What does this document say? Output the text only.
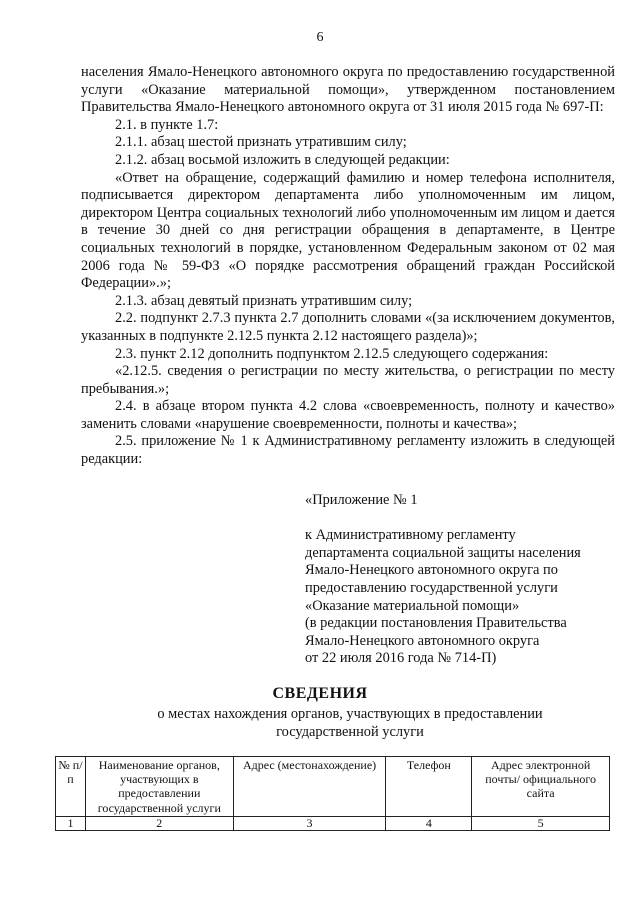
6

населения Ямало-Ненецкого автономного округа по предоставлению государственной услуги «Оказание материальной помощи», утвержденном постановлением Правительства Ямало-Ненецкого автономного округа от 31 июля 2015 года № 697-П:

2.1. в пункте 1.7:

2.1.1. абзац шестой признать утратившим силу;

2.1.2. абзац восьмой изложить в следующей редакции:

«Ответ на обращение, содержащий фамилию и номер телефона исполнителя, подписывается директором департамента либо уполномоченным им лицом, директором Центра социальных технологий либо уполномоченным им лицом и дается в течение 30 дней со дня регистрации обращения в департаменте, в Центре социальных технологий в порядке, установленном Федеральным законом от 02 мая 2006 года № 59-ФЗ «О порядке рассмотрения обращений граждан Российской Федерации».»;

2.1.3. абзац девятый признать утратившим силу;

2.2. подпункт 2.7.3 пункта 2.7 дополнить словами «(за исключением документов, указанных в подпункте 2.12.5 пункта 2.12 настоящего раздела)»;

2.3. пункт 2.12 дополнить подпунктом 2.12.5 следующего содержания:

«2.12.5. сведения о регистрации по месту жительства, о регистрации по месту пребывания.»;

2.4. в абзаце втором пункта 4.2 слова «своевременность, полноту и качество» заменить словами «нарушение своевременности, полноты и качества»;

2.5. приложение № 1 к Административному регламенту изложить в следующей редакции:

«Приложение № 1
к Административному регламенту
департамента социальной защиты населения
Ямало-Ненецкого автономного округа по
предоставлению государственной услуги
«Оказание материальной помощи»
(в редакции постановления Правительства
Ямало-Ненецкого автономного округа
от 22 июля 2016 года № 714-П)
СВЕДЕНИЯ
о местах нахождения органов, участвующих в предоставлении государственной услуги
№ п/п	Наименование органов, участвующих в предоставлении государственной услуги	Адрес (местонахождение)	Телефон	Адрес электронной почты/ официального сайта
1	2	3	4	5
